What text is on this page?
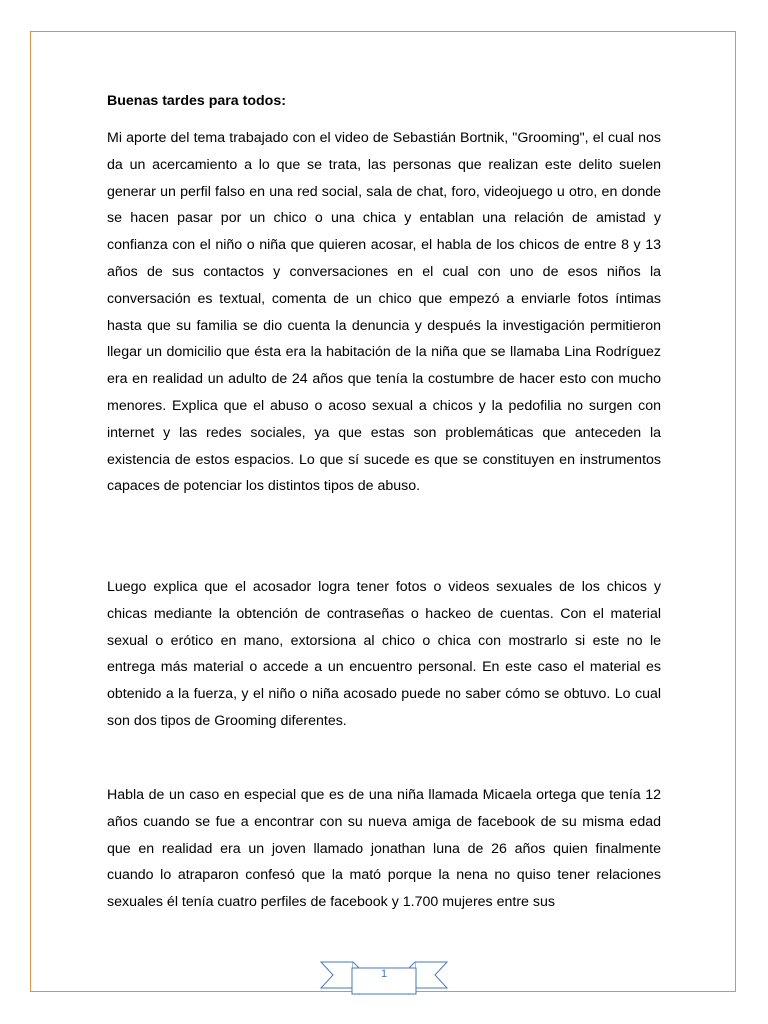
Buenas tardes para todos:

Mi aporte del tema trabajado con el video de Sebastián Bortnik, "Grooming", el cual nos da un acercamiento a lo que se trata, las personas que realizan este delito suelen generar un perfil falso en una red social, sala de chat, foro, videojuego u otro, en donde se hacen pasar por un chico o una chica y entablan una relación de amistad y confianza con el niño o niña que quieren acosar, el habla de los chicos de entre 8 y 13 años de sus contactos y conversaciones en el cual con uno de esos niños la conversación es textual, comenta de un chico que empezó a enviarle fotos íntimas hasta que su familia se dio cuenta la denuncia y después la investigación permitieron llegar un domicilio que ésta era la habitación de la niña que se llamaba Lina Rodríguez era en realidad un adulto de 24 años que tenía la costumbre de hacer esto con mucho menores. Explica que el abuso o acoso sexual a chicos y la pedofilia no surgen con internet y las redes sociales, ya que estas son problemáticas que anteceden la existencia de estos espacios. Lo que sí sucede es que se constituyen en instrumentos capaces de potenciar los distintos tipos de abuso.

Luego explica que el acosador logra tener fotos o videos sexuales de los chicos y chicas mediante la obtención de contraseñas o hackeo de cuentas. Con el material sexual o erótico en mano, extorsiona al chico o chica con mostrarlo si este no le entrega más material o accede a un encuentro personal. En este caso el material es obtenido a la fuerza, y el niño o niña acosado puede no saber cómo se obtuvo. Lo cual son dos tipos de Grooming diferentes.

Habla de un caso en especial que es de una niña llamada Micaela ortega que tenía 12 años cuando se fue a encontrar con su nueva amiga de facebook de su misma edad que en realidad era un joven llamado jonathan luna de 26 años quien finalmente cuando lo atraparon confesó que la mató porque la nena no quiso tener relaciones sexuales él tenía cuatro perfiles de facebook y 1.700 mujeres entre sus

1
